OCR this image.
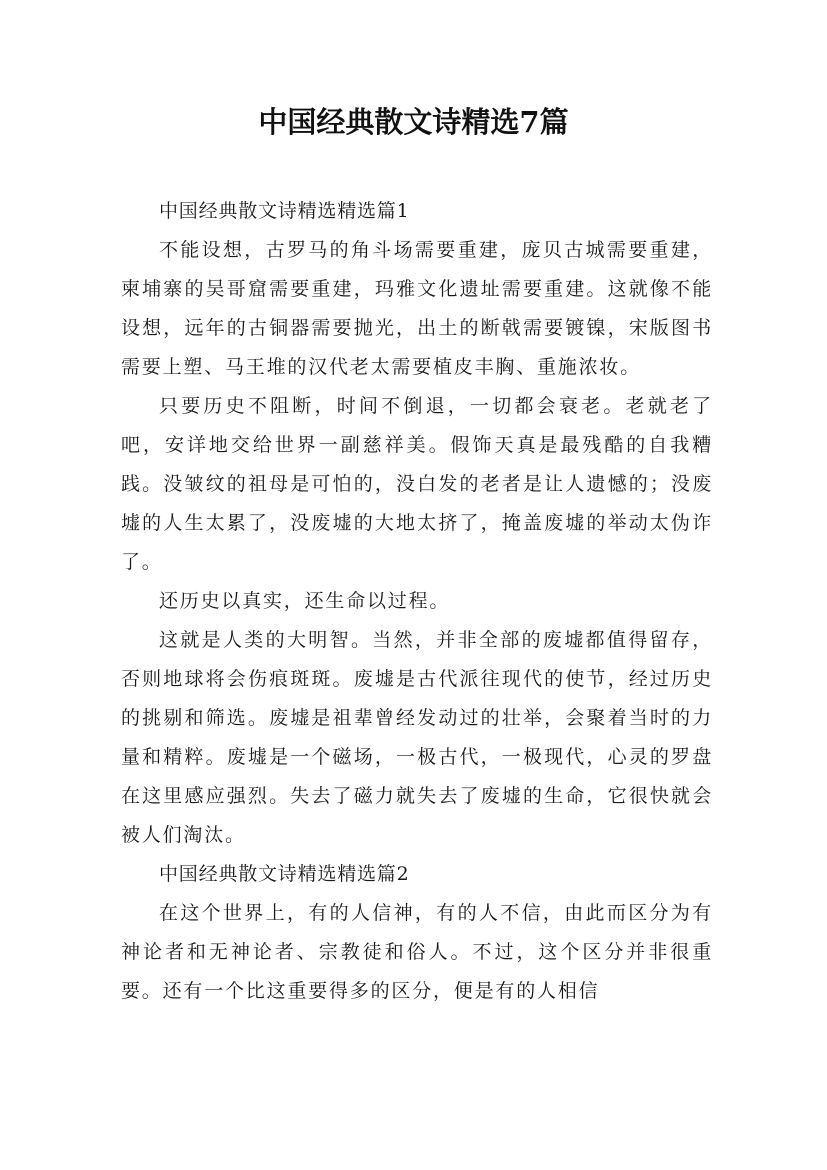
中国经典散文诗精选7篇

中国经典散文诗精选精选篇1

不能设想，古罗马的角斗场需要重建，庞贝古城需要重建，柬埔寨的吴哥窟需要重建，玛雅文化遗址需要重建。这就像不能设想，远年的古铜器需要抛光，出土的断戟需要镀镍，宋版图书需要上塑、马王堆的汉代老太需要植皮丰胸、重施浓妆。

只要历史不阻断，时间不倒退，一切都会衰老。老就老了吧，安详地交给世界一副慈祥美。假饰天真是最残酷的自我糟践。没皱纹的祖母是可怕的，没白发的老者是让人遗憾的；没废墟的人生太累了，没废墟的大地太挤了，掩盖废墟的举动太伪诈了。

还历史以真实，还生命以过程。

这就是人类的大明智。当然，并非全部的废墟都值得留存，否则地球将会伤痕斑斑。废墟是古代派往现代的使节，经过历史的挑剔和筛选。废墟是祖辈曾经发动过的壮举，会聚着当时的力量和精粹。废墟是一个磁场，一极古代，一极现代，心灵的罗盘在这里感应强烈。失去了磁力就失去了废墟的生命，它很快就会被人们淘汰。

中国经典散文诗精选精选篇2

在这个世界上，有的人信神，有的人不信，由此而区分为有神论者和无神论者、宗教徒和俗人。不过，这个区分并非很重要。还有一个比这重要得多的区分，便是有的人相信
